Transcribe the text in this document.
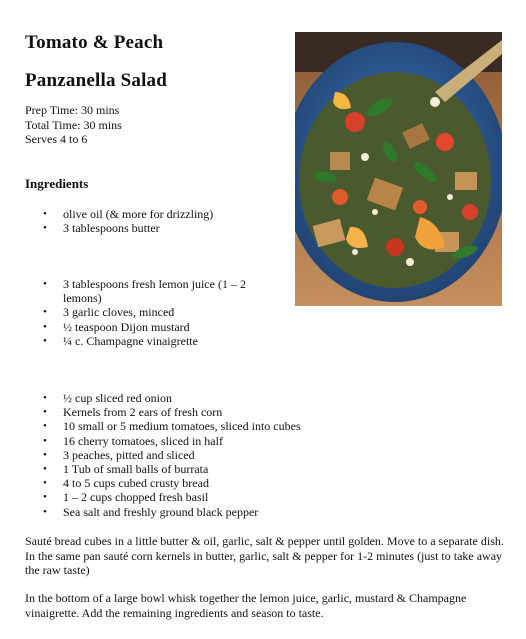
Tomato & Peach
Panzanella Salad
Prep Time: 30 mins
Total Time: 30 mins
Serves 4 to 6
Ingredients
• olive oil (& more for drizzling)
• 3 tablespoons butter
• 3 tablespoons fresh lemon juice (1 – 2 lemons)
• 3 garlic cloves, minced
• ½ teaspoon Dijon mustard
• ¼ c. Champagne vinaigrette
• ½ cup sliced red onion
• Kernels from 2 ears of fresh corn
• 10 small or 5 medium tomatoes, sliced into cubes
• 16 cherry tomatoes, sliced in half
• 3 peaches, pitted and sliced
• 1 Tub of small balls of burrata
• 4 to 5 cups cubed crusty bread
• 1 – 2 cups chopped fresh basil
• Sea salt and freshly ground black pepper

Sauté bread cubes in a little butter & oil, garlic, salt & pepper until golden. Move to a separate dish. In the same pan sauté corn kernels in butter, garlic, salt & pepper for 1-2 minutes (just to take away the raw taste)

In the bottom of a large bowl whisk together the lemon juice, garlic, mustard & Champagne vinaigrette. Add the remaining ingredients and season to taste.
